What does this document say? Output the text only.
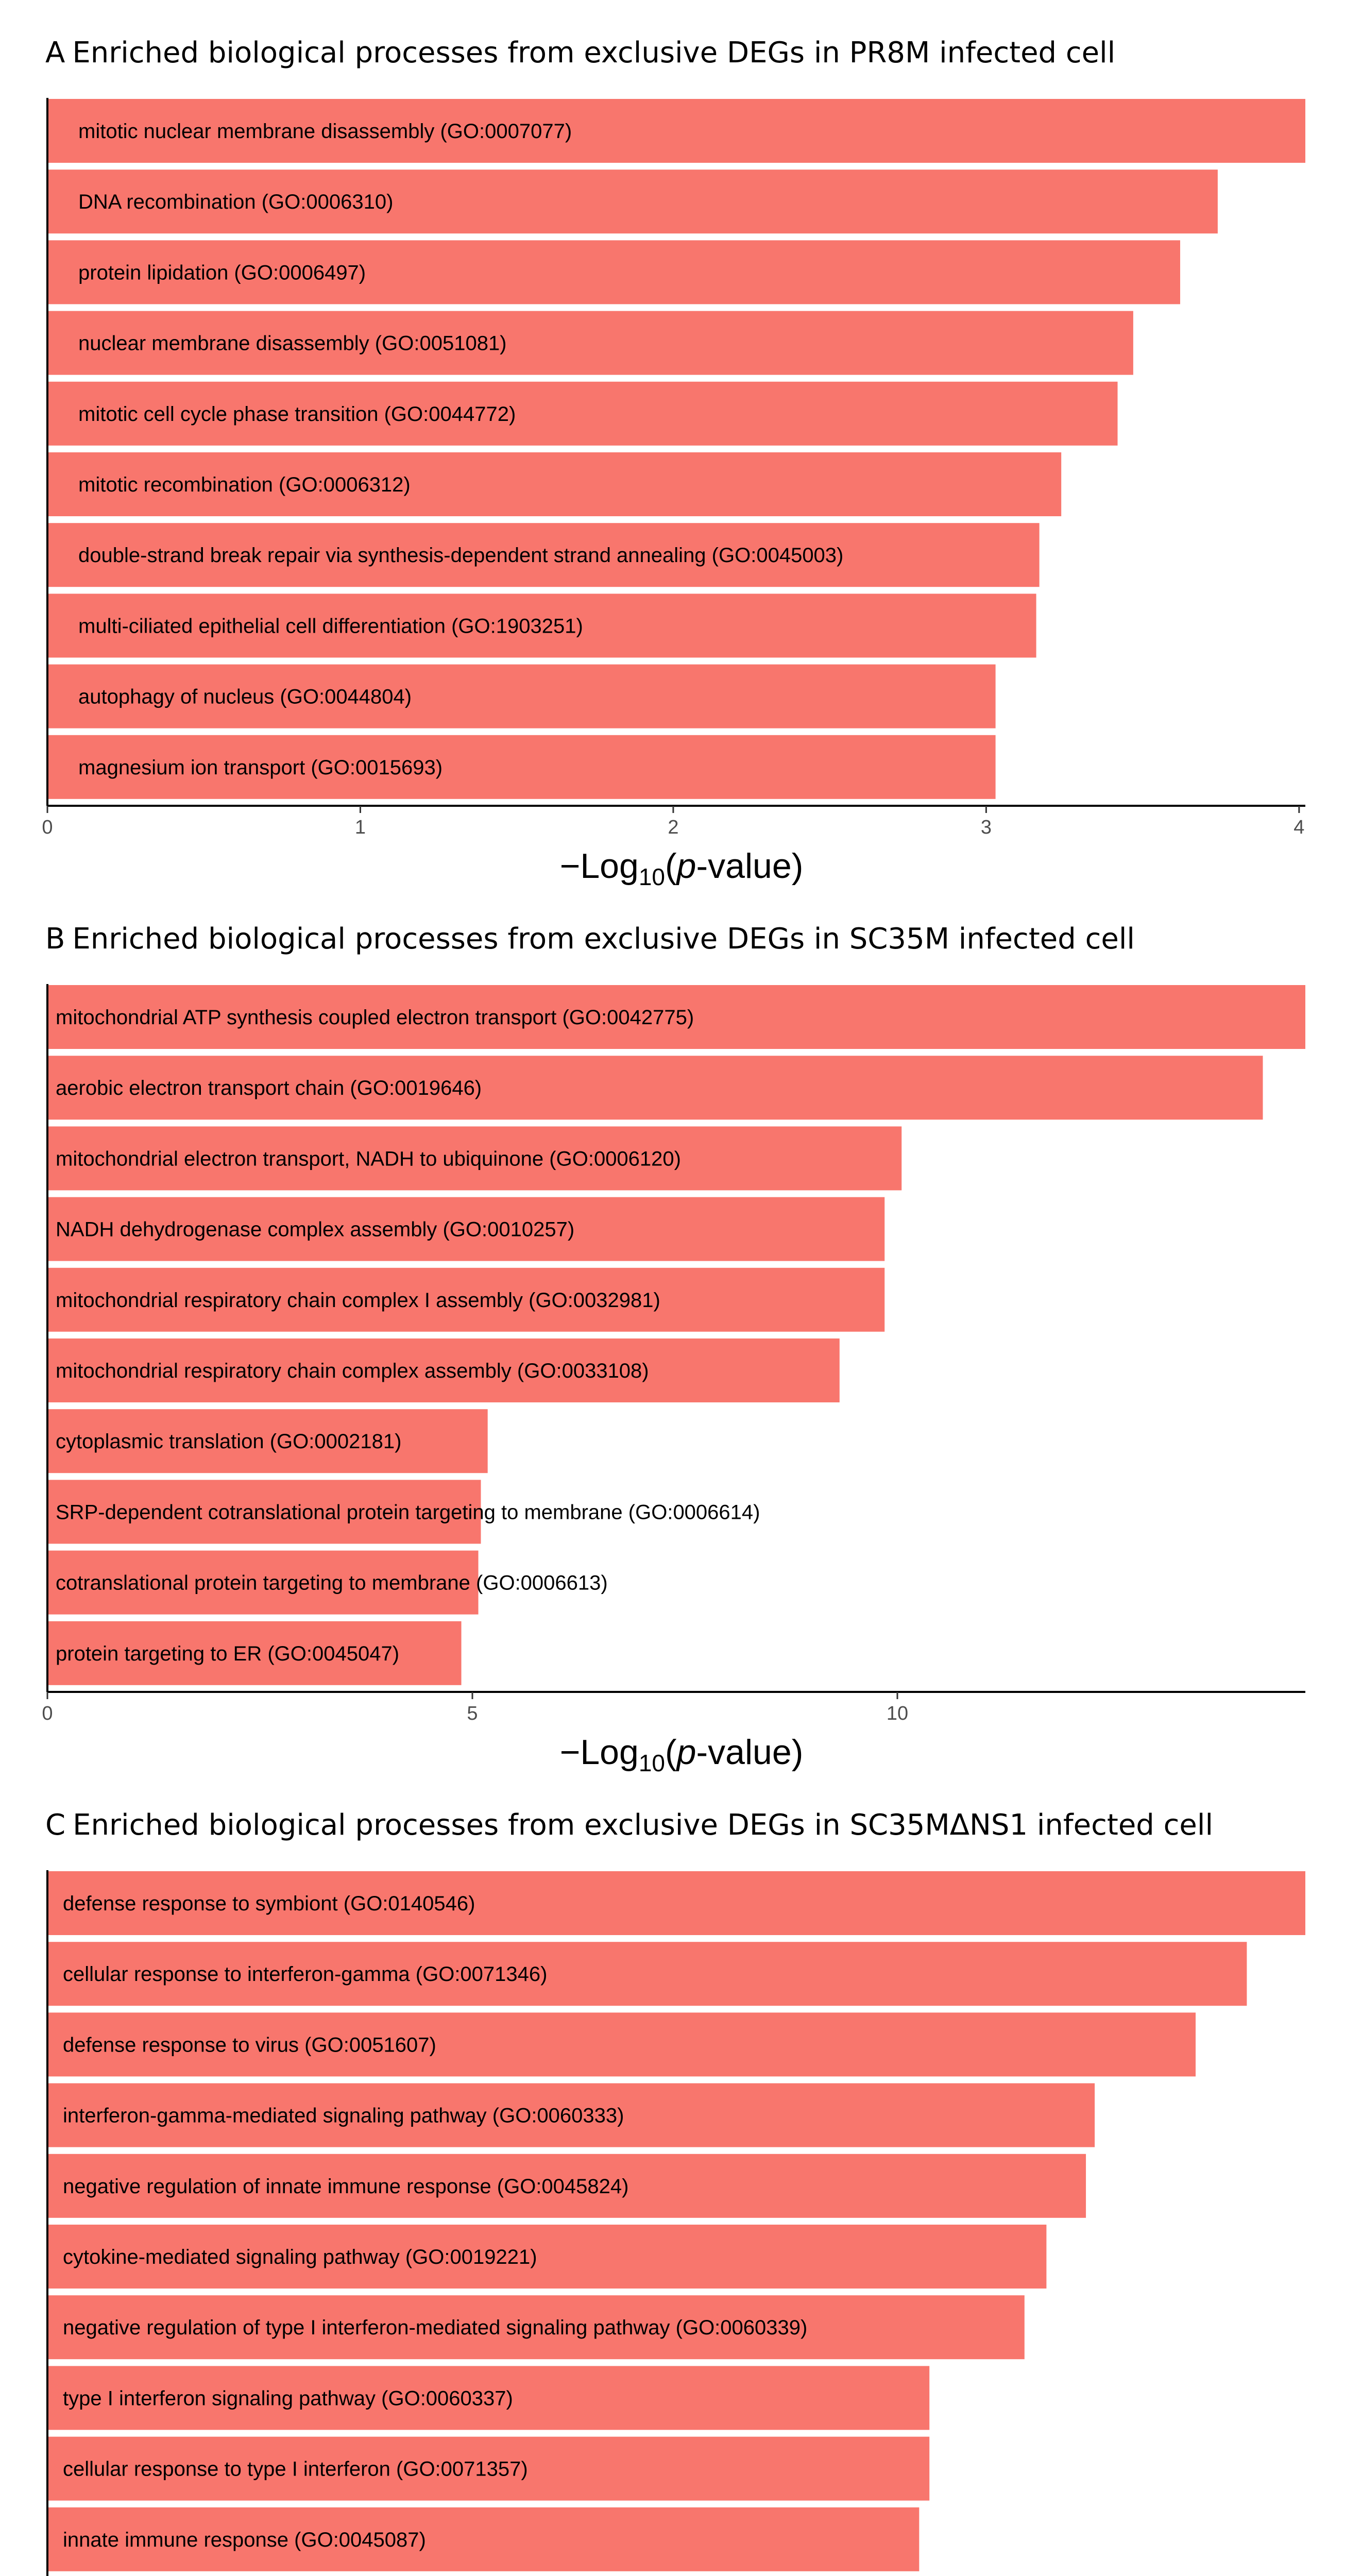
A Enriched biological processes from exclusive DEGs in PR8M infected cell
mitotic nuclear membrane disassembly (GO:0007077)
DNA recombination (GO:0006310)
protein lipidation (GO:0006497)
nuclear membrane disassembly (GO:0051081)
mitotic cell cycle phase transition (GO:0044772)
mitotic recombination (GO:0006312)
double-strand break repair via synthesis-dependent strand annealing (GO:0045003)
multi-ciliated epithelial cell differentiation (GO:1903251)
autophagy of nucleus (GO:0044804)
magnesium ion transport (GO:0015693)
0	1	2	3	4
−Log$_{10}$(p-value)
B Enriched biological processes from exclusive DEGs in SC35M infected cell
mitochondrial ATP synthesis coupled electron transport (GO:0042775)
aerobic electron transport chain (GO:0019646)
mitochondrial electron transport, NADH to ubiquinone (GO:0006120)
NADH dehydrogenase complex assembly (GO:0010257)
mitochondrial respiratory chain complex I assembly (GO:0032981)
mitochondrial respiratory chain complex assembly (GO:0033108)
cytoplasmic translation (GO:0002181)
SRP-dependent cotranslational protein targeting to membrane (GO:0006614)
cotranslational protein targeting to membrane (GO:0006613)
protein targeting to ER (GO:0045047)
0	5	10
−Log$_{10}$(p-value)
C Enriched biological processes from exclusive DEGs in SC35MΔNS1 infected cell
defense response to symbiont (GO:0140546)
cellular response to interferon-gamma (GO:0071346)
defense response to virus (GO:0051607)
interferon-gamma-mediated signaling pathway (GO:0060333)
negative regulation of innate immune response (GO:0045824)
cytokine-mediated signaling pathway (GO:0019221)
negative regulation of type I interferon-mediated signaling pathway (GO:0060339)
type I interferon signaling pathway (GO:0060337)
cellular response to type I interferon (GO:0071357)
innate immune response (GO:0045087)
